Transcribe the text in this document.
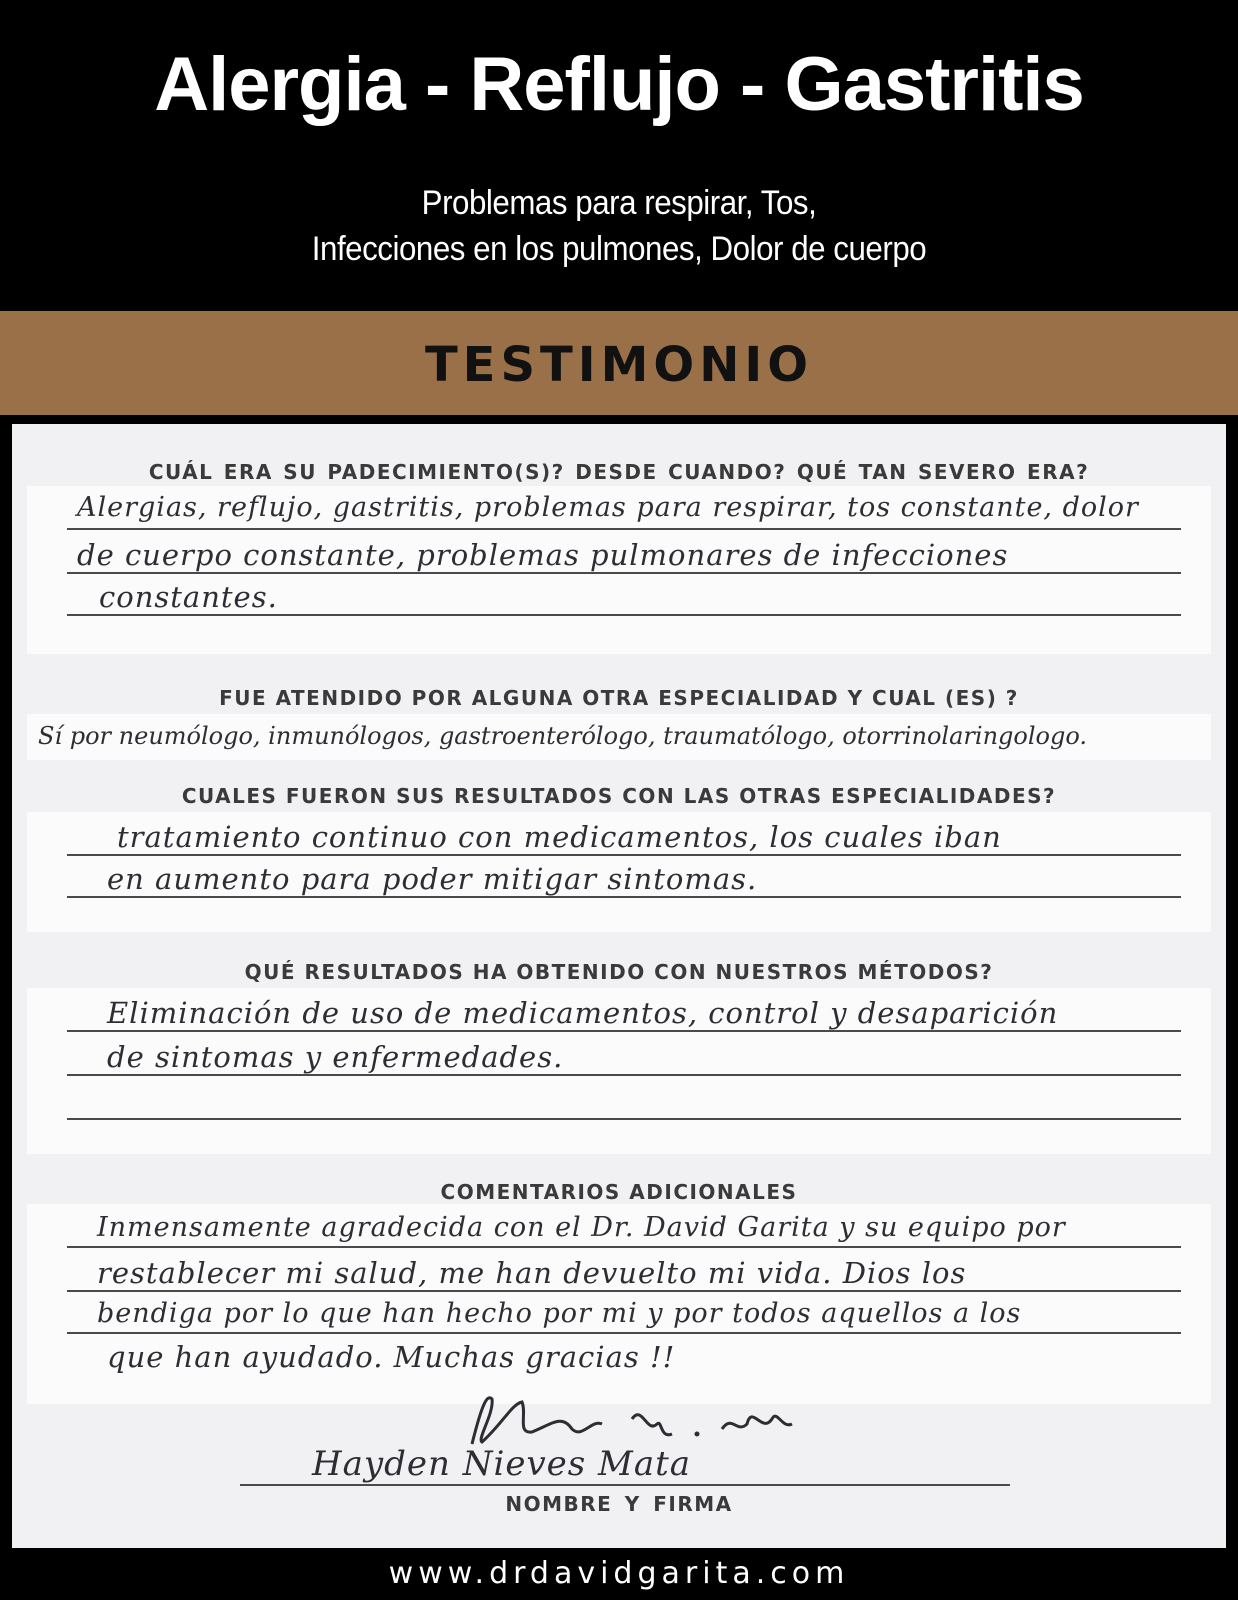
Alergia - Reflujo - Gastritis
Problemas para respirar, Tos,
Infecciones en los pulmones, Dolor de cuerpo
TESTIMONIO
CUÁL ERA SU PADECIMIENTO(S)? DESDE CUANDO? QUÉ TAN SEVERO ERA?
Alergias, reflujo, gastritis, problemas para respirar, tos constante, dolor
de cuerpo constante, problemas pulmonares de infecciones
constantes.
FUE ATENDIDO POR ALGUNA OTRA ESPECIALIDAD Y CUAL (ES) ?
Sí por neumólogo, inmunólogos, gastroenterólogo, traumatólogo, otorrinolaringologo.
CUALES FUERON SUS RESULTADOS CON LAS OTRAS ESPECIALIDADES?
tratamiento continuo con medicamentos, los cuales iban
en aumento para poder mitigar sintomas.
QUÉ RESULTADOS HA OBTENIDO CON NUESTROS MÉTODOS?
Eliminación de uso de medicamentos, control y desaparición
de sintomas y enfermedades.
COMENTARIOS ADICIONALES
Inmensamente agradecida con el Dr. David Garita y su equipo por
restablecer mi salud, me han devuelto mi vida. Dios los
bendiga por lo que han hecho por mi y por todos aquellos a los
que han ayudado. Muchas gracias !!
Hayden Nieves Mata
NOMBRE Y FIRMA
www.drdavidgarita.com
